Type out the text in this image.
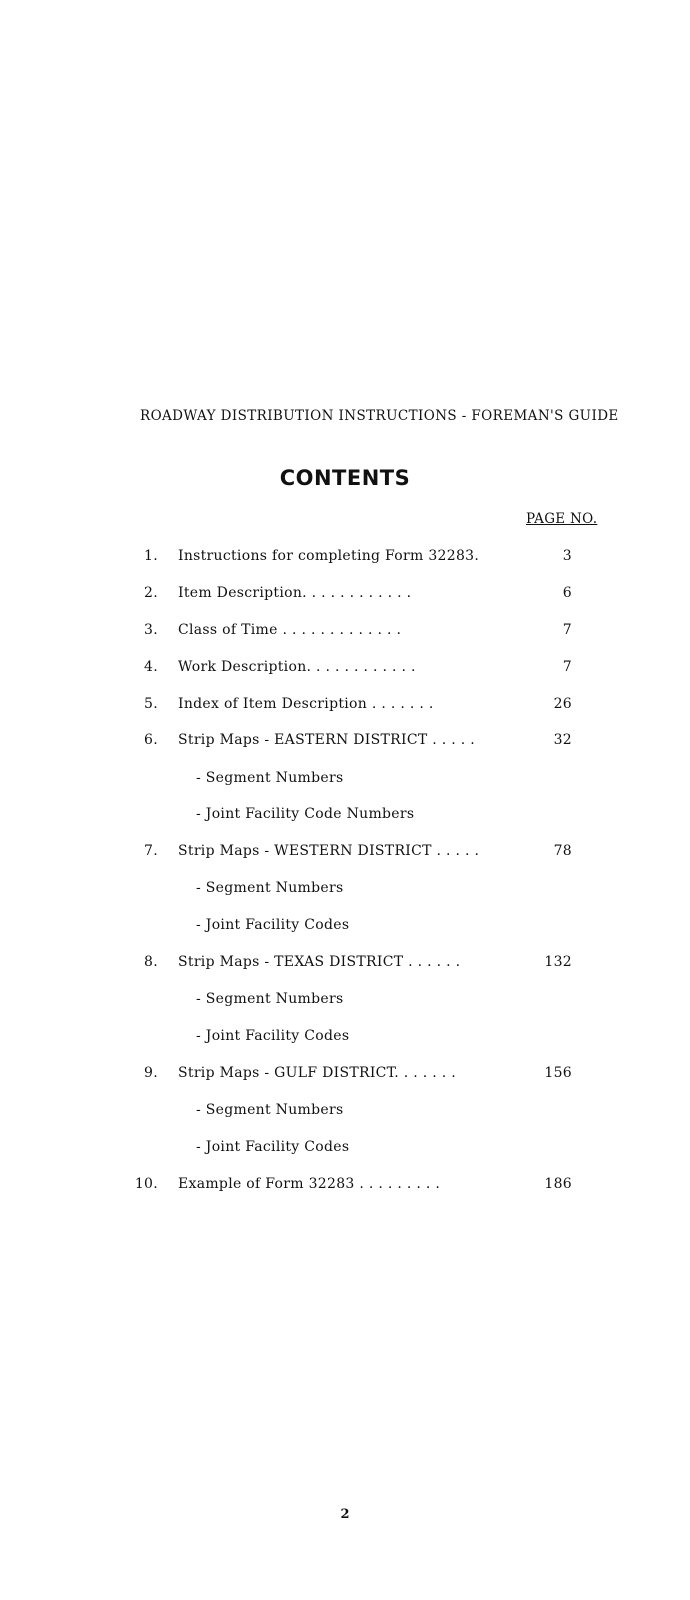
ROADWAY DISTRIBUTION INSTRUCTIONS - FOREMAN'S GUIDE
CONTENTS
PAGE NO.
1. Instructions for completing Form 32283.	3
2. Item Description. . . . . . . . . . . .	6
3. Class of Time . . . . . . . . . . . . .	7
4. Work Description. . . . . . . . . . . .	7
5. Index of Item Description . . . . . . .	26
6. Strip Maps - EASTERN DISTRICT . . . . .	32
- Segment Numbers
- Joint Facility Code Numbers
7. Strip Maps - WESTERN DISTRICT . . . . .	78
- Segment Numbers
- Joint Facility Codes
8. Strip Maps - TEXAS DISTRICT . . . . . .	132
- Segment Numbers
- Joint Facility Codes
9. Strip Maps - GULF DISTRICT. . . . . . .	156
- Segment Numbers
- Joint Facility Codes
10. Example of Form 32283 . . . . . . . . .	186
2
